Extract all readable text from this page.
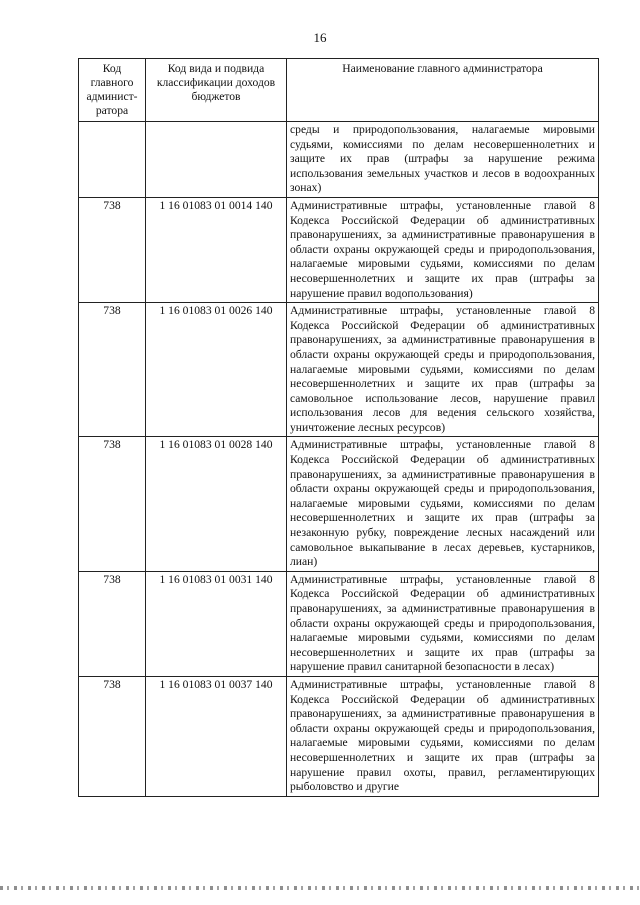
16
Код главного админист-ратора	Код вида и подвида классификации доходов бюджетов	Наименование главного администратора
		среды и природопользования, налагаемые мировыми судьями, комиссиями по делам несовершеннолетних и защите их прав (штрафы за нарушение режима использования земельных участков и лесов в водоохранных зонах)
738	1 16 01083 01 0014 140	Административные штрафы, установленные главой 8 Кодекса Российской Федерации об административных правонарушениях, за административные правонарушения в области охраны окружающей среды и природопользования, налагаемые мировыми судьями, комиссиями по делам несовершеннолетних и защите их прав (штрафы за нарушение правил водопользования)
738	1 16 01083 01 0026 140	Административные штрафы, установленные главой 8 Кодекса Российской Федерации об административных правонарушениях, за административные правонарушения в области охраны окружающей среды и природопользования, налагаемые мировыми судьями, комиссиями по делам несовершеннолетних и защите их прав (штрафы за самовольное использование лесов, нарушение правил использования лесов для ведения сельского хозяйства, уничтожение лесных ресурсов)
738	1 16 01083 01 0028 140	Административные штрафы, установленные главой 8 Кодекса Российской Федерации об административных правонарушениях, за административные правонарушения в области охраны окружающей среды и природопользования, налагаемые мировыми судьями, комиссиями по делам несовершеннолетних и защите их прав (штрафы за незаконную рубку, повреждение лесных насаждений или самовольное выкапывание в лесах деревьев, кустарников, лиан)
738	1 16 01083 01 0031 140	Административные штрафы, установленные главой 8 Кодекса Российской Федерации об административных правонарушениях, за административные правонарушения в области охраны окружающей среды и природопользования, налагаемые мировыми судьями, комиссиями по делам несовершеннолетних и защите их прав (штрафы за нарушение правил санитарной безопасности в лесах)
738	1 16 01083 01 0037 140	Административные штрафы, установленные главой 8 Кодекса Российской Федерации об административных правонарушениях, за административные правонарушения в области охраны окружающей среды и природопользования, налагаемые мировыми судьями, комиссиями по делам несовершеннолетних и защите их прав (штрафы за нарушение правил охоты, правил, регламентирующих рыболовство и другие
